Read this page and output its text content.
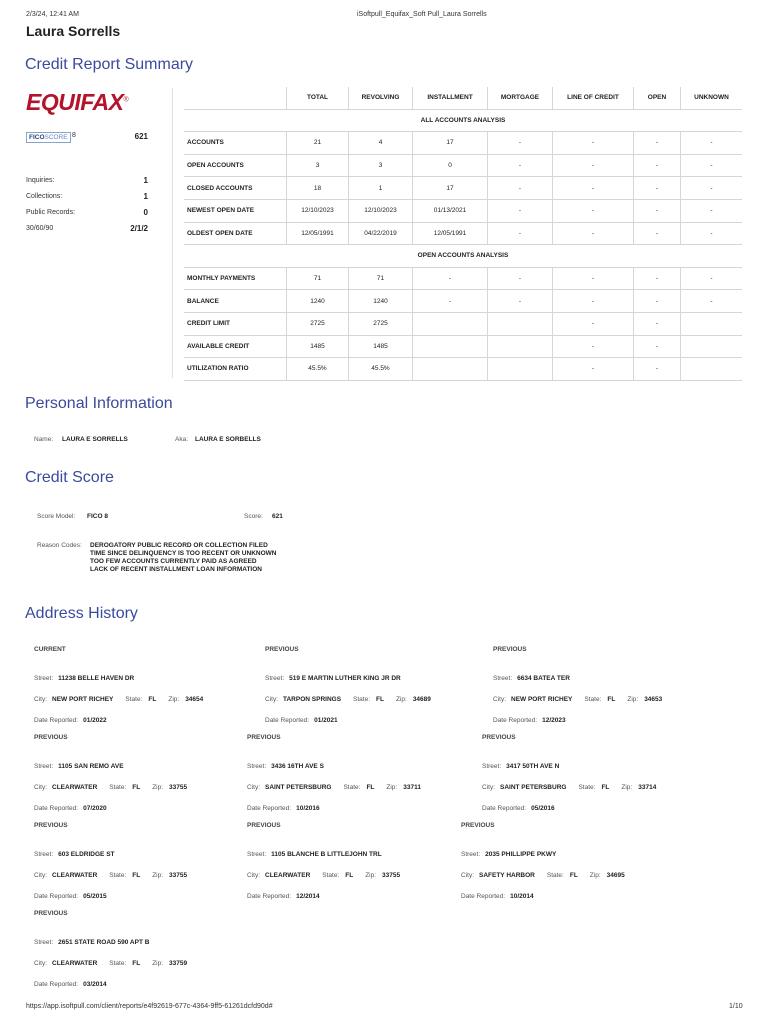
2/3/24, 12:41 AM	iSoftpull_Equifax_Soft Pull_Laura Sorrells
Laura Sorrells
Credit Report Summary
EQUIFAX®
FICOSCORE 8	621
Inquiries:	1
Collections:	1
Public Records:	0
30/60/90	2/1/2
	TOTAL	REVOLVING	INSTALLMENT	MORTGAGE	LINE OF CREDIT	OPEN	UNKNOWN
ALL ACCOUNTS ANALYSIS							
ACCOUNTS	21	4	17	-	-	-	-
OPEN ACCOUNTS	3	3	0	-	-	-	-
CLOSED ACCOUNTS	18	1	17	-	-	-	-
NEWEST OPEN DATE	12/10/2023	12/10/2023	01/13/2021	-	-	-	-
OLDEST OPEN DATE	12/05/1991	04/22/2019	12/05/1991	-	-	-	-
OPEN ACCOUNTS ANALYSIS							
MONTHLY PAYMENTS	71	71	-	-	-	-	-
BALANCE	1240	1240	-	-	-	-	-
CREDIT LIMIT	2725	2725			-	-	
AVAILABLE CREDIT	1485	1485			-	-	
UTILIZATION RATIO	45.5%	45.5%			-	-	
Personal Information
Name: LAURA E SORRELLS	Aka: LAURA E SORBELLS
Credit Score
Score Model: FICO 8	Score: 621
Reason Codes: DEROGATORY PUBLIC RECORD OR COLLECTION FILED
TIME SINCE DELINQUENCY IS TOO RECENT OR UNKNOWN
TOO FEW ACCOUNTS CURRENTLY PAID AS AGREED
LACK OF RECENT INSTALLMENT LOAN INFORMATION
Address History
CURRENT
Street: 11238 BELLE HAVEN DR
City: NEW PORT RICHEY State: FL Zip: 34654
Date Reported: 01/2022
PREVIOUS
Street: 519 E MARTIN LUTHER KING JR DR
City: TARPON SPRINGS State: FL Zip: 34689
Date Reported: 01/2021
PREVIOUS
Street: 6634 BATEA TER
City: NEW PORT RICHEY State: FL Zip: 34653
Date Reported: 12/2023
PREVIOUS
Street: 1105 SAN REMO AVE
City: CLEARWATER State: FL Zip: 33755
Date Reported: 07/2020
PREVIOUS
Street: 3436 16TH AVE S
City: SAINT PETERSBURG State: FL Zip: 33711
Date Reported: 10/2016
PREVIOUS
Street: 3417 50TH AVE N
City: SAINT PETERSBURG State: FL Zip: 33714
Date Reported: 05/2016
PREVIOUS
Street: 603 ELDRIDGE ST
City: CLEARWATER State: FL Zip: 33755
Date Reported: 05/2015
PREVIOUS
Street: 1105 BLANCHE B LITTLEJOHN TRL
City: CLEARWATER State: FL Zip: 33755
Date Reported: 12/2014
PREVIOUS
Street: 2035 PHILLIPPE PKWY
City: SAFETY HARBOR State: FL Zip: 34695
Date Reported: 10/2014
PREVIOUS
Street: 2651 STATE ROAD 590 APT B
City: CLEARWATER State: FL Zip: 33759
Date Reported: 03/2014
https://app.isoftpull.com/client/reports/e4f92619-677c-4364-9ff5-61261dcfd90d#	1/10
